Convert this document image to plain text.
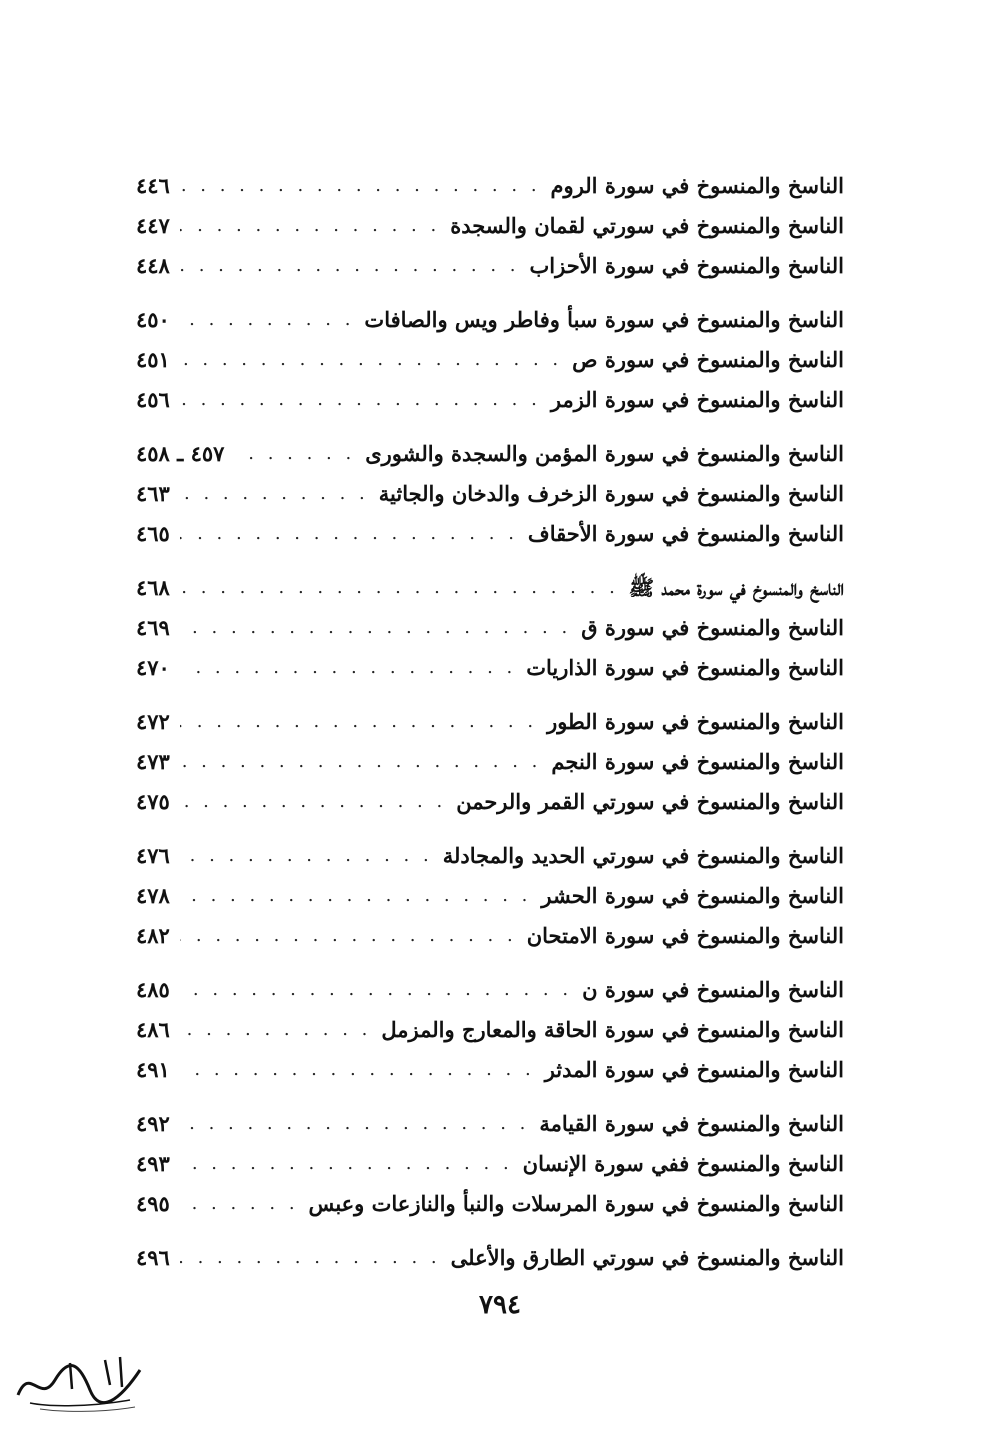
الناسخ والمنسوخ في سورة الروم
. . .
٤٤٦
الناسخ والمنسوخ في سورتي لقمان والسجدة
. . .
٤٤٧
الناسخ والمنسوخ في سورة الأحزاب
. . .
٤٤٨
الناسخ والمنسوخ في سورة سبأ وفاطر ويس والصافات
. . .
٤٥٠
الناسخ والمنسوخ في سورة ص
. . .
٤٥١
الناسخ والمنسوخ في سورة الزمر
. . .
٤٥٦
الناسخ والمنسوخ في سورة المؤمن والسجدة والشورى
. . .
٤٥٧ ـ ٤٥٨
الناسخ والمنسوخ في سورة الزخرف والدخان والجاثية
. . .
٤٦٣
الناسخ والمنسوخ في سورة الأحقاف
. . .
٤٦٥
الناسخ والمنسوخ في سورة محمد ﷺ
. . .
٤٦٨
الناسخ والمنسوخ في سورة ق
. . .
٤٦٩
الناسخ والمنسوخ في سورة الذاريات
. . .
٤٧٠
الناسخ والمنسوخ في سورة الطور
. . .
٤٧٢
الناسخ والمنسوخ في سورة النجم
. . .
٤٧٣
الناسخ والمنسوخ في سورتي القمر والرحمن
. . .
٤٧٥
الناسخ والمنسوخ في سورتي الحديد والمجادلة
. . .
٤٧٦
الناسخ والمنسوخ في سورة الحشر
. . .
٤٧٨
الناسخ والمنسوخ في سورة الامتحان
. . .
٤٨٢
الناسخ والمنسوخ في سورة ن
. . .
٤٨٥
الناسخ والمنسوخ في سورة الحاقة والمعارج والمزمل
. . .
٤٨٦
الناسخ والمنسوخ في سورة المدثر
. . .
٤٩١
الناسخ والمنسوخ في سورة القيامة
. . .
٤٩٢
الناسخ والمنسوخ ففي سورة الإنسان
. . .
٤٩٣
الناسخ والمنسوخ في سورة المرسلات والنبأ والنازعات وعبس
. . .
٤٩٥
الناسخ والمنسوخ في سورتي الطارق والأعلى
. . .
٤٩٦
٧٩٤
